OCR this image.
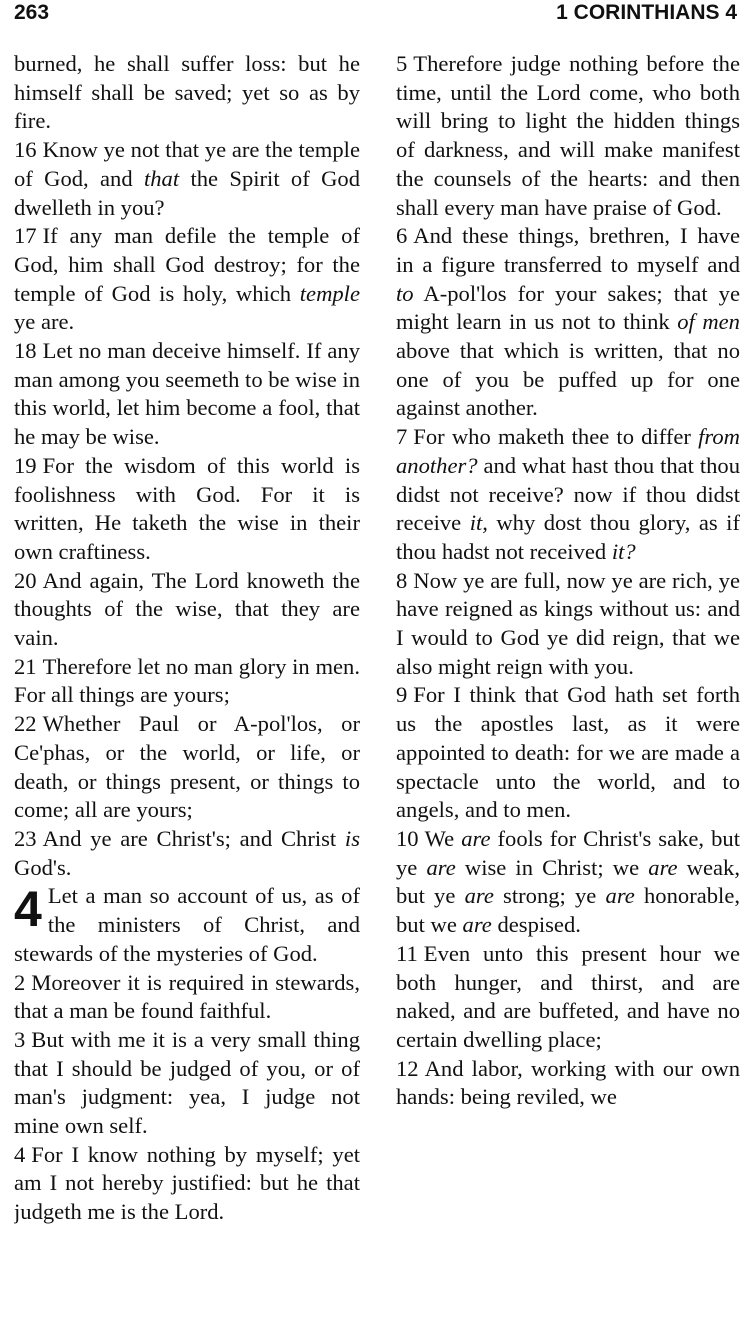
263	1 CORINTHIANS 4

burned, he shall suffer loss: but he himself shall be saved; yet so as by fire.

16 Know ye not that ye are the temple of God, and that the Spirit of God dwelleth in you?

17 If any man defile the temple of God, him shall God destroy; for the temple of God is holy, which temple ye are.

18 Let no man deceive himself. If any man among you seemeth to be wise in this world, let him become a fool, that he may be wise.

19 For the wisdom of this world is foolishness with God. For it is written, He taketh the wise in their own craftiness.

20 And again, The Lord knoweth the thoughts of the wise, that they are vain.

21 Therefore let no man glory in men. For all things are yours;

22 Whether Paul or A-pol'los, or Ce'phas, or the world, or life, or death, or things present, or things to come; all are yours;

23 And ye are Christ's; and Christ is God's.

4 Let a man so account of us, as of the ministers of Christ, and stewards of the mysteries of God.

2 Moreover it is required in stewards, that a man be found faithful.

3 But with me it is a very small thing that I should be judged of you, or of man's judgment: yea, I judge not mine own self.

4 For I know nothing by myself; yet am I not hereby justified: but he that judgeth me is the Lord.

5 Therefore judge nothing before the time, until the Lord come, who both will bring to light the hidden things of darkness, and will make manifest the counsels of the hearts: and then shall every man have praise of God.

6 And these things, brethren, I have in a figure transferred to myself and to A-pol'los for your sakes; that ye might learn in us not to think of men above that which is written, that no one of you be puffed up for one against another.

7 For who maketh thee to differ from another? and what hast thou that thou didst not receive? now if thou didst receive it, why dost thou glory, as if thou hadst not received it?

8 Now ye are full, now ye are rich, ye have reigned as kings without us: and I would to God ye did reign, that we also might reign with you.

9 For I think that God hath set forth us the apostles last, as it were appointed to death: for we are made a spectacle unto the world, and to angels, and to men.

10 We are fools for Christ's sake, but ye are wise in Christ; we are weak, but ye are strong; ye are honorable, but we are despised.

11 Even unto this present hour we both hunger, and thirst, and are naked, and are buffeted, and have no certain dwelling place;

12 And labor, working with our own hands: being reviled, we
